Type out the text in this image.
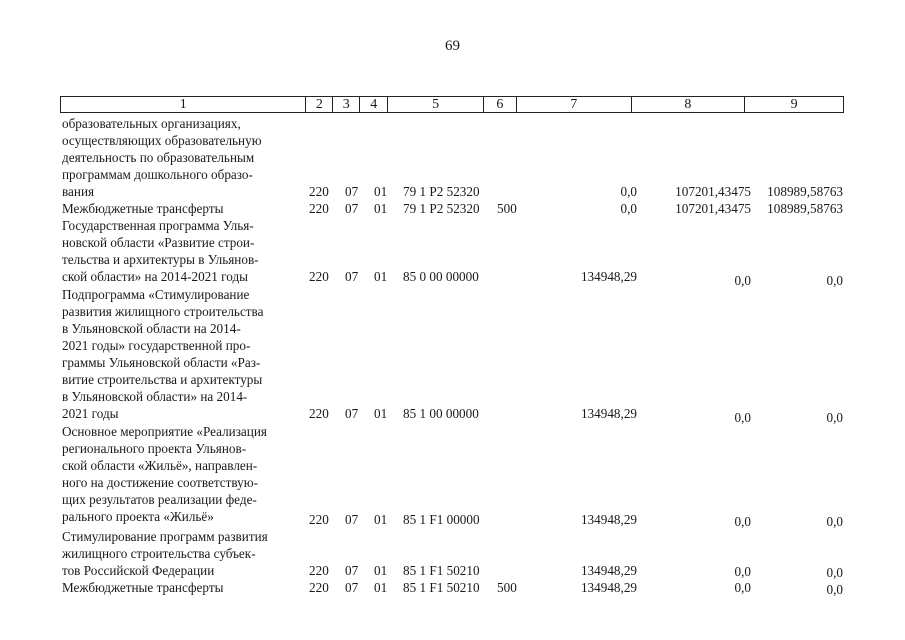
69
1	2	3	4	5	6	7	8	9
образовательных организациях,
осуществляющих образовательную
деятельность по образовательным
программам дошкольного образо-
вания	220 07 01 79 1 P2 52320	0,0	107201,43475 108989,58763
Межбюджетные трансферты	220 07 01 79 1 P2 52320 500	0,0	107201,43475 108989,58763
Государственная программа Улья-
новской области «Развитие строи-
тельства и архитектуры в Ульянов-
ской области» на 2014-2021 годы	220 07 01 85 0 00 00000	134948,29	0,0	0,0
Подпрограмма «Стимулирование
развития жилищного строительства
в Ульяновской области на 2014-
2021 годы» государственной про-
граммы Ульяновской области «Раз-
витие строительства и архитектуры
в Ульяновской области» на 2014-
2021 годы	220 07 01 85 1 00 00000	134948,29	0,0	0,0
Основное мероприятие «Реализация
регионального проекта Ульянов-
ской области «Жильё», направлен-
ного на достижение соответствую-
щих результатов реализации феде-
рального проекта «Жильё»	220 07 01 85 1 F1 00000	134948,29	0,0	0,0
Стимулирование программ развития
жилищного строительства субъек-
тов Российской Федерации	220 07 01 85 1 F1 50210	134948,29	0,0	0,0
Межбюджетные трансферты	220 07 01 85 1 F1 50210 500	134948,29	0,0	0,0
